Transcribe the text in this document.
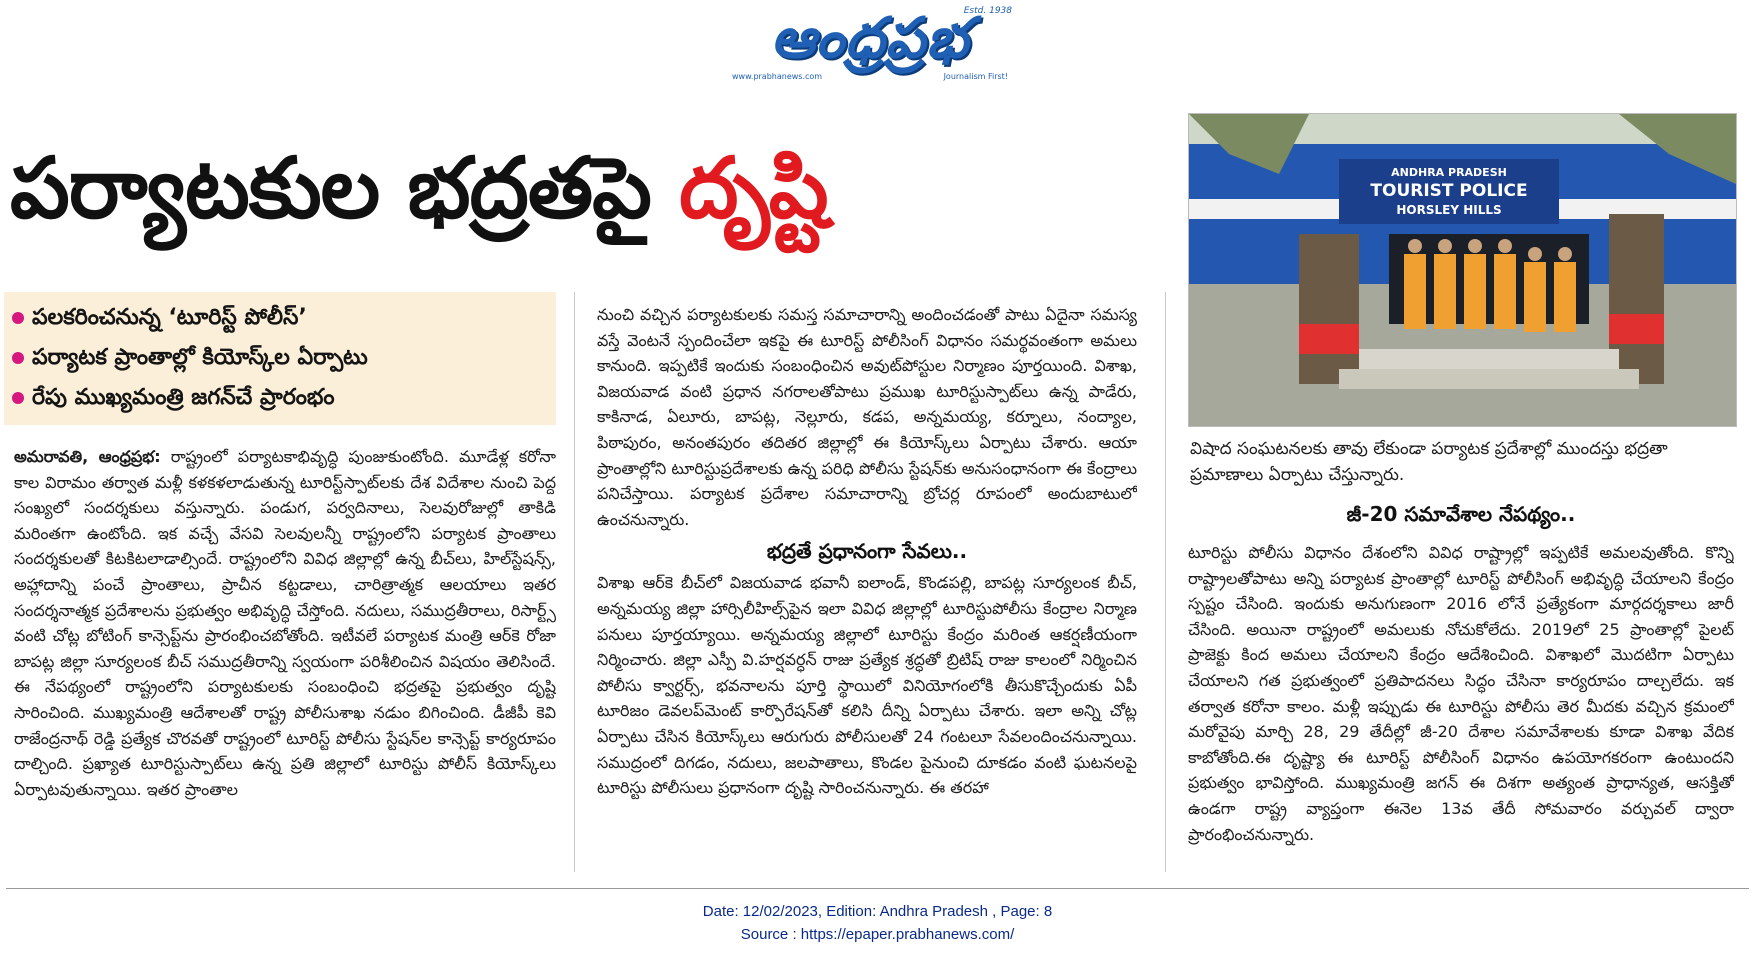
Estd. 1938
ఆంధ్రప్రభ
www.prabhanews.com	Journalism First!
పర్యాటకుల భద్రతపై దృష్టి	ANDHRA PRADESH
TOURIST POLICE
HORSLEY HILLS
విషాద సంఘటనలకు తావు లేకుండా పర్యాటక ప్రదేశాల్లో ముందస్తు భద్రతా ప్రమాణాలు ఏర్పాటు చేస్తున్నారు.
పలకరించనున్న ‘టూరిస్ట్ పోలీస్’
పర్యాటక ప్రాంతాల్లో కియోస్క్‌ల ఏర్పాటు
రేపు ముఖ్యమంత్రి జగన్‌చే ప్రారంభం
అమరావతి, ఆంధ్రప్రభ: రాష్ట్రంలో పర్యాటకాభివృద్ధి పుంజుకుంటోంది. మూడేళ్ల కరోనా కాల విరామం తర్వాత మళ్లీ కళకళలాడుతున్న టూరిస్ట్‌స్పాట్‌లకు దేశ విదేశాల నుంచి పెద్ద సంఖ్యలో సందర్శకులు వస్తున్నారు. పండుగ, పర్వదినాలు, సెలవురోజుల్లో తాకిడి మరింతగా ఉంటోంది. ఇక వచ్చే వేసవి సెలవులన్నీ రాష్ట్రంలోని పర్యాటక ప్రాంతాలు సందర్శకులతో కిటకిటలాడాల్సిందే. రాష్ట్రంలోని వివిధ జిల్లాల్లో ఉన్న బీచ్‌లు, హిల్‌స్టేషన్స్, అహ్లాదాన్ని పంచే ప్రాంతాలు, ప్రాచీన కట్టడాలు, చారిత్రాత్మక ఆలయాలు ఇతర సందర్శనాత్మక ప్రదేశాలను ప్రభుత్వం అభివృద్ధి చేస్తోంది. నదులు, సముద్రతీరాలు, రిసార్ట్స్ వంటి చోట్ల బోటింగ్ కాన్సెప్ట్‌ను ప్రారంభించబోతోంది. ఇటీవలే పర్యాటక మంత్రి ఆర్‌కె రోజా బాపట్ల జిల్లా సూర్యలంక బీచ్ సముద్రతీరాన్ని స్వయంగా పరిశీలించిన విషయం తెలిసిందే. ఈ నేపథ్యంలో రాష్ట్రంలోని పర్యాటకులకు సంబంధించి భద్రతపై ప్రభుత్వం దృష్టి సారించింది. ముఖ్యమంత్రి ఆదేశాలతో రాష్ట్ర పోలీసుశాఖ నడుం బిగించింది. డీజీపీ కెవి రాజేంద్రనాథ్ రెడ్డి ప్రత్యేక చొరవతో రాష్ట్రంలో టూరిస్ట్ పోలీసు స్టేషన్‌ల కాన్సెప్ట్ కార్యరూపం దాల్చింది. ప్రఖ్యాత టూరిస్టుస్పాట్‌లు ఉన్న ప్రతి జిల్లాలో టూరిస్టు పోలీస్ కియోస్క్‌లు ఏర్పాటవుతున్నాయి. ఇతర ప్రాంతాల
నుంచి వచ్చిన పర్యాటకులకు సమస్త సమాచారాన్ని అందించడంతో పాటు ఏదైనా సమస్య వస్తే వెంటనే స్పందించేలా ఇకపై ఈ టూరిస్ట్ పోలీసింగ్ విధానం సమర్థవంతంగా అమలు కానుంది. ఇప్పటికే ఇందుకు సంబంధించిన అవుట్‌పోస్టుల నిర్మాణం పూర్తయింది. విశాఖ, విజయవాడ వంటి ప్రధాన నగరాలతోపాటు ప్రముఖ టూరిస్టుస్పాట్‌లు ఉన్న పాడేరు, కాకినాడ, ఏలూరు, బాపట్ల, నెల్లూరు, కడప, అన్నమయ్య, కర్నూలు, నంద్యాల, పిఠాపురం, అనంతపురం తదితర జిల్లాల్లో ఈ కియోస్క్‌లు ఏర్పాటు చేశారు. ఆయా ప్రాంతాల్లోని టూరిస్టుప్రదేశాలకు ఉన్న పరిధి పోలీసు స్టేషన్‌కు అనుసంధానంగా ఈ కేంద్రాలు పనిచేస్తాయి. పర్యాటక ప్రదేశాల సమాచారాన్ని బ్రోచర్ల రూపంలో అందుబాటులో ఉంచనున్నారు.
భద్రతే ప్రధానంగా సేవలు..
విశాఖ ఆర్‌కె బీచ్‌లో విజయవాడ భవానీ ఐలాండ్, కొండపల్లి, బాపట్ల సూర్యలంక బీచ్, అన్నమయ్య జిల్లా హార్సిలీహిల్స్‌పైన ఇలా వివిధ జిల్లాల్లో టూరిస్టుపోలీసు కేంద్రాల నిర్మాణ పనులు పూర్తయ్యాయి. అన్నమయ్య జిల్లాలో టూరిస్టు కేంద్రం మరింత ఆకర్షణీయంగా నిర్మించారు. జిల్లా ఎస్పీ వి.హర్షవర్ధన్ రాజు ప్రత్యేక శ్రద్ధతో బ్రిటిష్ రాజు కాలంలో నిర్మించిన పోలీసు క్వార్టర్స్, భవనాలను పూర్తి స్థాయిలో వినియోగంలోకి తీసుకొచ్చేందుకు ఏపీ టూరిజం డెవలప్‌మెంట్ కార్పొరేషన్‌తో కలిసి దీన్ని ఏర్పాటు చేశారు. ఇలా అన్ని చోట్ల ఏర్పాటు చేసిన కియోస్క్‌లు ఆరుగురు పోలీసులతో 24 గంటలూ సేవలందించనున్నాయి. సముద్రంలో దిగడం, నదులు, జలపాతాలు, కొండల పైనుంచి దూకడం వంటి ఘటనలపై టూరిస్టు పోలీసులు ప్రధానంగా దృష్టి సారించనున్నారు. ఈ తరహా
జీ-20 సమావేశాల నేపథ్యం..
టూరిస్టు పోలీసు విధానం దేశంలోని వివిధ రాష్ట్రాల్లో ఇప్పటికే అమలవుతోంది. కొన్ని రాష్ట్రాలతోపాటు అన్ని పర్యాటక ప్రాంతాల్లో టూరిస్ట్ పోలీసింగ్ అభివృద్ధి చేయాలని కేంద్రం స్పష్టం చేసింది. ఇందుకు అనుగుణంగా 2016 లోనే ప్రత్యేకంగా మార్గదర్శకాలు జారీ చేసింది. అయినా రాష్ట్రంలో అమలుకు నోచుకోలేదు. 2019లో 25 ప్రాంతాల్లో పైలట్ ప్రాజెక్టు కింద అమలు చేయాలని కేంద్రం ఆదేశించింది. విశాఖలో మొదటిగా ఏర్పాటు చేయాలని గత ప్రభుత్వంలో ప్రతిపాదనలు సిద్ధం చేసినా కార్యరూపం దాల్చలేదు. ఇక తర్వాత కరోనా కాలం. మళ్లీ ఇప్పుడు ఈ టూరిస్టు పోలీసు తెర మీదకు వచ్చిన క్రమంలో మరోవైపు మార్చి 28, 29 తేదీల్లో జీ-20 దేశాల సమావేశాలకు కూడా విశాఖ వేదిక కాబోతోంది.ఈ దృష్ట్యా ఈ టూరిస్ట్ పోలీసింగ్ విధానం ఉపయోగకరంగా ఉంటుందని ప్రభుత్వం భావిస్తోంది. ముఖ్యమంత్రి జగన్ ఈ దిశగా అత్యంత ప్రాధాన్యత, ఆసక్తితో ఉండగా రాష్ట్ర వ్యాప్తంగా ఈనెల 13వ తేదీ సోమవారం వర్చువల్ ద్వారా ప్రారంభించనున్నారు.
Date: 12/02/2023, Edition: Andhra Pradesh , Page: 8
Source : https://epaper.prabhanews.com/
